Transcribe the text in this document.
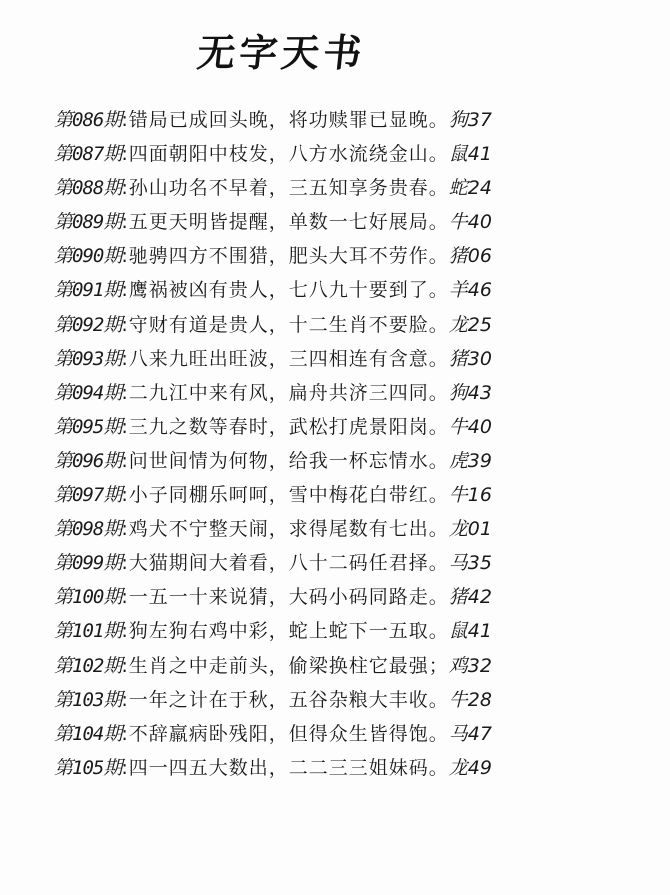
无字天书
第086期:错局已成回头晚，将功赎罪已显晚。狗37
第087期:四面朝阳中枝发，八方水流绕金山。鼠41
第088期:孙山功名不早着，三五知享务贵春。蛇24
第089期:五更天明皆提醒，单数一七好展局。牛40
第090期:驰骋四方不围猎，肥头大耳不劳作。猪06
第091期:鹰祸被凶有贵人，七八九十要到了。羊46
第092期:守财有道是贵人，十二生肖不要脸。龙25
第093期:八来九旺出旺波，三四相连有含意。猪30
第094期:二九江中来有风，扁舟共济三四同。狗43
第095期:三九之数等春时，武松打虎景阳岗。牛40
第096期:问世间情为何物，给我一杯忘情水。虎39
第097期:小子同棚乐呵呵，雪中梅花白带红。牛16
第098期:鸡犬不宁整天闹，求得尾数有七出。龙01
第099期:大猫期间大着看，八十二码任君择。马35
第100期:一五一十来说猜，大码小码同路走。猪42
第101期:狗左狗右鸡中彩，蛇上蛇下一五取。鼠41
第102期:生肖之中走前头，偷梁换柱它最强；鸡32
第103期:一年之计在于秋，五谷杂粮大丰收。牛28
第104期:不辞羸病卧残阳，但得众生皆得饱。马47
第105期:四一四五大数出，二二三三姐妹码。龙49
